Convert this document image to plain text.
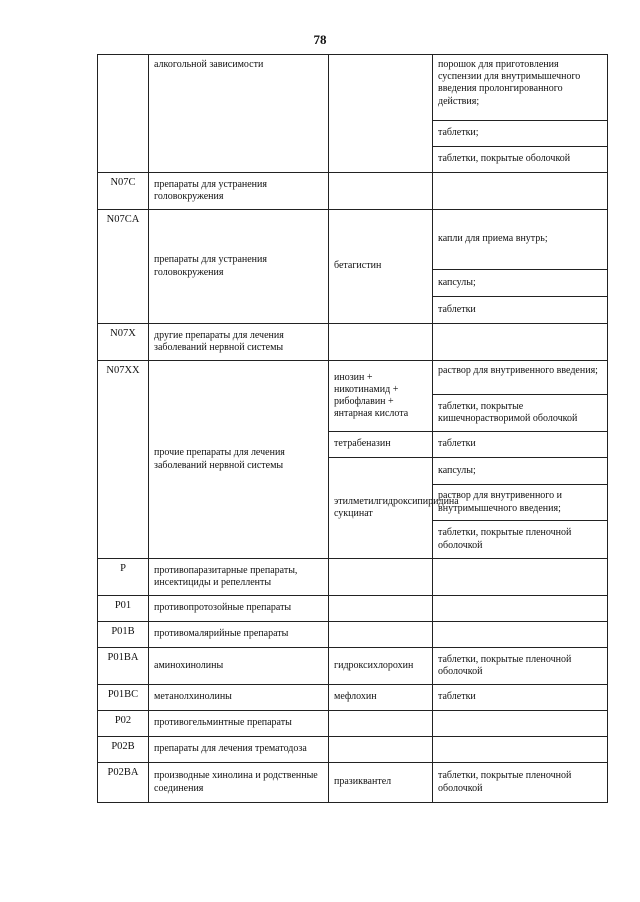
78
	алкогольной зависимости		порошок для приготовления суспензии для внутримышечного введения пролонгированного действия;
			таблетки;
			таблетки, покрытые оболочкой
N07C	препараты для устранения головокружения		
N07CA	препараты для устранения головокружения	бетагистин	капли для приема внутрь;
			капсулы;
			таблетки
N07X	другие препараты для лечения заболеваний нервной системы		
N07XX	прочие препараты для лечения заболеваний нервной системы	инозин + никотинамид + рибофлавин + янтарная кислота	раствор для внутривенного введения;
			таблетки, покрытые кишечнорастворимой оболочкой
		тетрабеназин	таблетки
		этилметилгидроксипиридина сукцинат	капсулы;
			раствор для внутривенного и внутримышечного введения;
			таблетки, покрытые пленочной оболочкой
P	противопаразитарные препараты, инсектициды и репелленты		
P01	противопротозойные препараты		
P01B	противомалярийные препараты		
P01BA	аминохинолины	гидроксихлорохин	таблетки, покрытые пленочной оболочкой
P01BC	метанолхинолины	мефлохин	таблетки
P02	противогельминтные препараты		
P02B	препараты для лечения трематодоза		
P02BA	производные хинолина и родственные соединения	празиквантел	таблетки, покрытые пленочной оболочкой
